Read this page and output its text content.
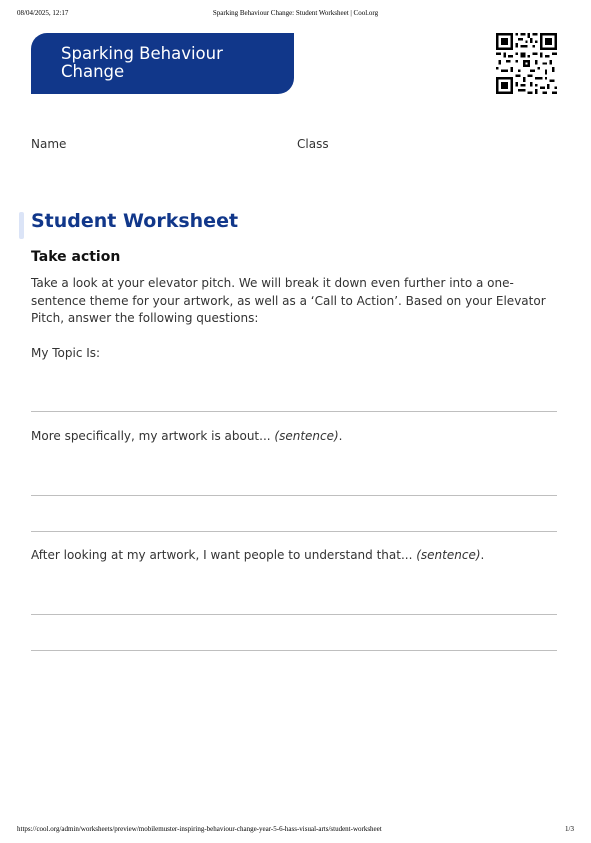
08/04/2025, 12:17	Sparking Behaviour Change: Student Worksheet | Cool.org
Sparking Behaviour
Change
Name	Class
Student Worksheet
Take action

Take a look at your elevator pitch. We will break it down even further into a one-sentence theme for your artwork, as well as a ‘Call to Action’. Based on your Elevator Pitch, answer the following questions:

My Topic Is:
More specifically, my artwork is about... (sentence).
After looking at my artwork, I want people to understand that... (sentence).
https://cool.org/admin/worksheets/preview/mobilemuster-inspiring-behaviour-change-year-5-6-hass-visual-arts/student-worksheet	1/3
